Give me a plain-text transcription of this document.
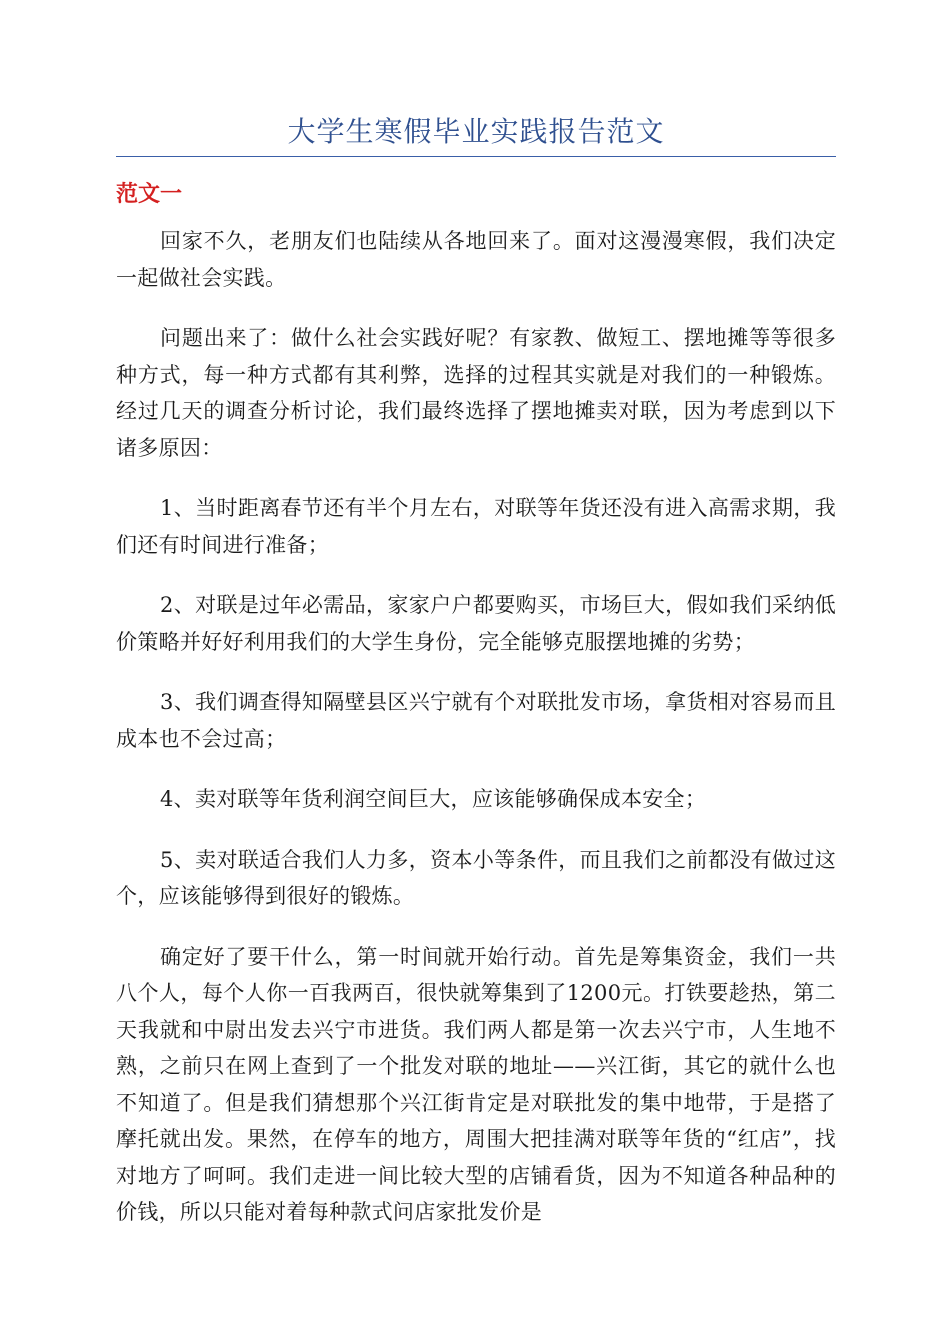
大学生寒假毕业实践报告范文
范文一

回家不久，老朋友们也陆续从各地回来了。面对这漫漫寒假，我们决定一起做社会实践。

问题出来了：做什么社会实践好呢？有家教、做短工、摆地摊等等很多种方式，每一种方式都有其利弊，选择的过程其实就是对我们的一种锻炼。经过几天的调查分析讨论，我们最终选择了摆地摊卖对联，因为考虑到以下诸多原因：

1、当时距离春节还有半个月左右，对联等年货还没有进入高需求期，我们还有时间进行准备；

2、对联是过年必需品，家家户户都要购买，市场巨大，假如我们采纳低价策略并好好利用我们的大学生身份，完全能够克服摆地摊的劣势；

3、我们调查得知隔壁县区兴宁就有个对联批发市场，拿货相对容易而且成本也不会过高；

4、卖对联等年货利润空间巨大，应该能够确保成本安全；

5、卖对联适合我们人力多，资本小等条件，而且我们之前都没有做过这个，应该能够得到很好的锻炼。

确定好了要干什么，第一时间就开始行动。首先是筹集资金，我们一共八个人，每个人你一百我两百，很快就筹集到了1200元。打铁要趁热，第二天我就和中尉出发去兴宁市进货。我们两人都是第一次去兴宁市，人生地不熟，之前只在网上查到了一个批发对联的地址——兴江街，其它的就什么也不知道了。但是我们猜想那个兴江街肯定是对联批发的集中地带，于是搭了摩托就出发。果然，在停车的地方，周围大把挂满对联等年货的“红店”，找对地方了呵呵。我们走进一间比较大型的店铺看货，因为不知道各种品种的价钱，所以只能对着每种款式问店家批发价是
